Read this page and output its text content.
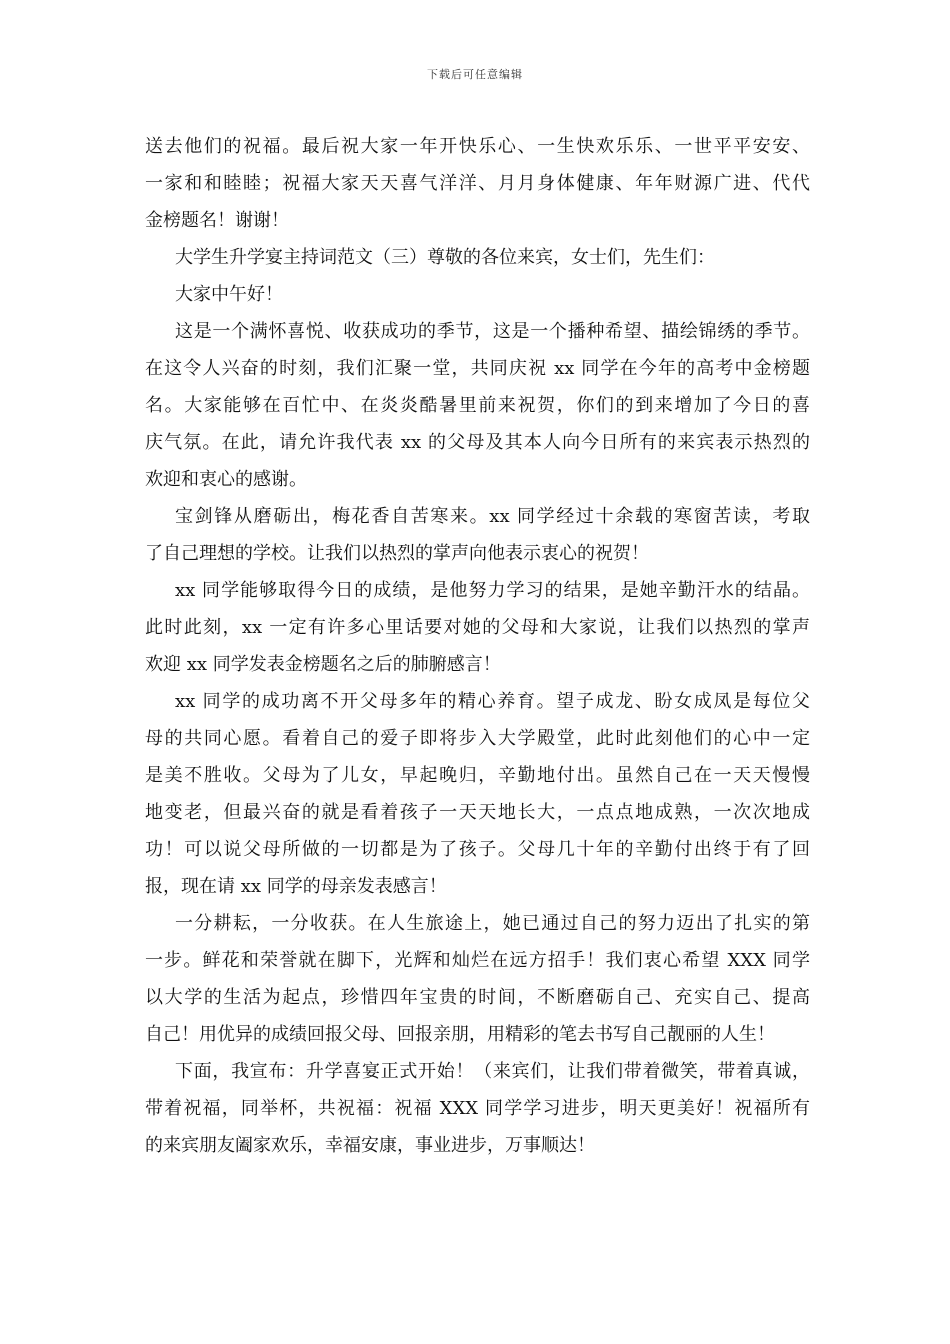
下载后可任意编辑
送去他们的祝福。最后祝大家一年开快乐心、一生快欢乐乐、一世平平安安、
一家和和睦睦；祝福大家天天喜气洋洋、月月身体健康、年年财源广进、代代
金榜题名！谢谢！
大学生升学宴主持词范文（三）尊敬的各位来宾，女士们，先生们：
大家中午好！
这是一个满怀喜悦、收获成功的季节，这是一个播种希望、描绘锦绣的季节。
在这令人兴奋的时刻，我们汇聚一堂，共同庆祝 xx 同学在今年的高考中金榜题
名。大家能够在百忙中、在炎炎酷暑里前来祝贺，你们的到来增加了今日的喜
庆气氛。在此，请允许我代表 xx 的父母及其本人向今日所有的来宾表示热烈的
欢迎和衷心的感谢。
宝剑锋从磨砺出，梅花香自苦寒来。xx 同学经过十余载的寒窗苦读，考取
了自己理想的学校。让我们以热烈的掌声向他表示衷心的祝贺！
xx 同学能够取得今日的成绩，是他努力学习的结果，是她辛勤汗水的结晶。
此时此刻，xx 一定有许多心里话要对她的父母和大家说，让我们以热烈的掌声
欢迎 xx 同学发表金榜题名之后的肺腑感言！
xx 同学的成功离不开父母多年的精心养育。望子成龙、盼女成凤是每位父
母的共同心愿。看着自己的爱子即将步入大学殿堂，此时此刻他们的心中一定
是美不胜收。父母为了儿女，早起晚归，辛勤地付出。虽然自己在一天天慢慢
地变老，但最兴奋的就是看着孩子一天天地长大，一点点地成熟，一次次地成
功！可以说父母所做的一切都是为了孩子。父母几十年的辛勤付出终于有了回
报，现在请 xx 同学的母亲发表感言！
一分耕耘，一分收获。在人生旅途上，她已通过自己的努力迈出了扎实的第
一步。鲜花和荣誉就在脚下，光辉和灿烂在远方招手！我们衷心希望 XXX 同学
以大学的生活为起点，珍惜四年宝贵的时间，不断磨砺自己、充实自己、提高
自己！用优异的成绩回报父母、回报亲朋，用精彩的笔去书写自己靓丽的人生！
下面，我宣布：升学喜宴正式开始！（来宾们，让我们带着微笑，带着真诚，
带着祝福，同举杯，共祝福：祝福 XXX 同学学习进步，明天更美好！祝福所有
的来宾朋友阖家欢乐，幸福安康，事业进步，万事顺达！
